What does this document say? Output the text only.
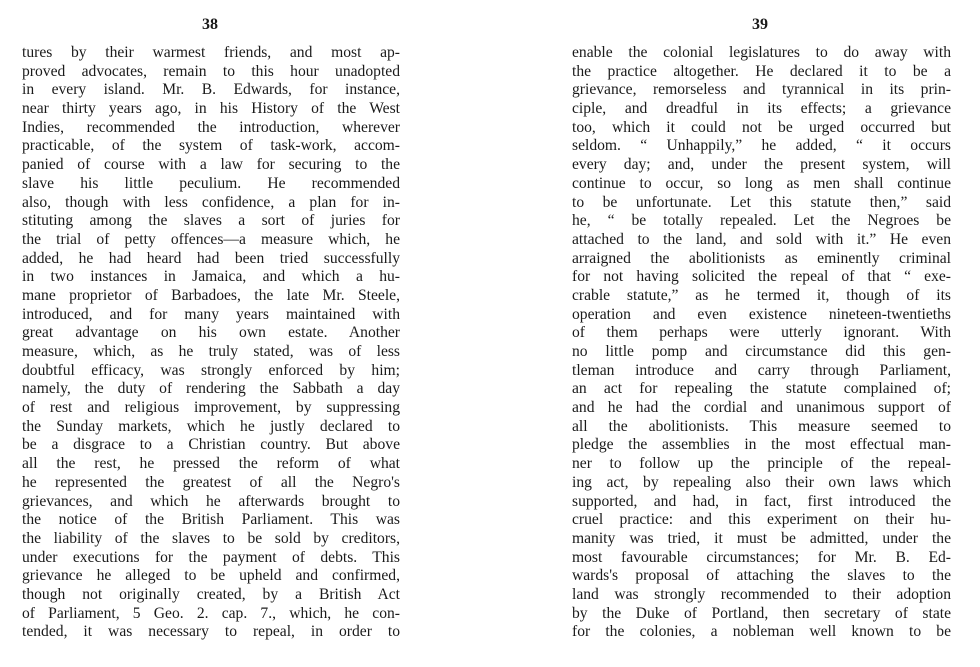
38
tures by their warmest friends, and most ap-
proved advocates, remain to this hour unadopted
in every island. Mr. B. Edwards, for instance,
near thirty years ago, in his History of the West
Indies, recommended the introduction, wherever
practicable, of the system of task-work, accom-
panied of course with a law for securing to the
slave his little peculium. He recommended
also, though with less confidence, a plan for in-
stituting among the slaves a sort of juries for
the trial of petty offences—a measure which, he
added, he had heard had been tried successfully
in two instances in Jamaica, and which a hu-
mane proprietor of Barbadoes, the late Mr. Steele,
introduced, and for many years maintained with
great advantage on his own estate. Another
measure, which, as he truly stated, was of less
doubtful efficacy, was strongly enforced by him;
namely, the duty of rendering the Sabbath a day
of rest and religious improvement, by suppressing
the Sunday markets, which he justly declared to
be a disgrace to a Christian country. But above
all the rest, he pressed the reform of what
he represented the greatest of all the Negro's
grievances, and which he afterwards brought to
the notice of the British Parliament. This was
the liability of the slaves to be sold by creditors,
under executions for the payment of debts. This
grievance he alleged to be upheld and confirmed,
though not originally created, by a British Act
of Parliament, 5 Geo. 2. cap. 7., which, he con-
tended, it was necessary to repeal, in order to
39
enable the colonial legislatures to do away with
the practice altogether. He declared it to be a
grievance, remorseless and tyrannical in its prin-
ciple, and dreadful in its effects; a grievance
too, which it could not be urged occurred but
seldom. “ Unhappily,” he added, “ it occurs
every day; and, under the present system, will
continue to occur, so long as men shall continue
to be unfortunate. Let this statute then,” said
he, “ be totally repealed. Let the Negroes be
attached to the land, and sold with it.” He even
arraigned the abolitionists as eminently criminal
for not having solicited the repeal of that “ exe-
crable statute,” as he termed it, though of its
operation and even existence nineteen-twentieths
of them perhaps were utterly ignorant. With
no little pomp and circumstance did this gen-
tleman introduce and carry through Parliament,
an act for repealing the statute complained of;
and he had the cordial and unanimous support of
all the abolitionists. This measure seemed to
pledge the assemblies in the most effectual man-
ner to follow up the principle of the repeal-
ing act, by repealing also their own laws which
supported, and had, in fact, first introduced the
cruel practice: and this experiment on their hu-
manity was tried, it must be admitted, under the
most favourable circumstances; for Mr. B. Ed-
wards's proposal of attaching the slaves to the
land was strongly recommended to their adoption
by the Duke of Portland, then secretary of state
for the colonies, a nobleman well known to be
